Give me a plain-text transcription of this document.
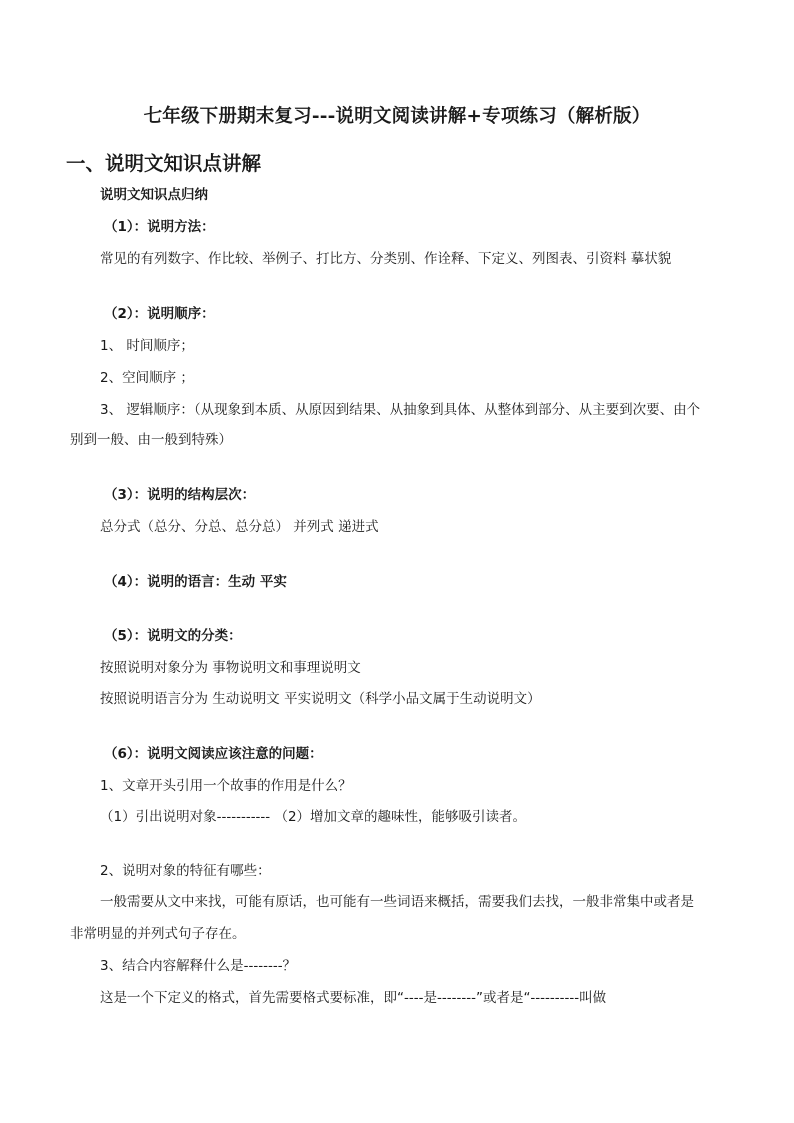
七年级下册期末复习---说明文阅读讲解+专项练习（解析版）
一、说明文知识点讲解
说明文知识点归纳
（1）：说明方法：
常见的有列数字、作比较、举例子、打比方、分类别、作诠释、下定义、列图表、引资料 摹状貌
（2）：说明顺序：
1、 时间顺序；
2、空间顺序 ；
3、 逻辑顺序：（从现象到本质、从原因到结果、从抽象到具体、从整体到部分、从主要到次要、由个
别到一般、由一般到特殊）
（3）：说明的结构层次：
总分式（总分、分总、总分总） 并列式 递进式
（4）：说明的语言：生动 平实
（5）：说明文的分类：
按照说明对象分为 事物说明文和事理说明文
按照说明语言分为 生动说明文 平实说明文（科学小品文属于生动说明文）
（6）：说明文阅读应该注意的问题：
1、文章开头引用一个故事的作用是什么？
（1）引出说明对象----------- （2）增加文章的趣味性，能够吸引读者。
2、说明对象的特征有哪些：
一般需要从文中来找，可能有原话，也可能有一些词语来概括，需要我们去找，一般非常集中或者是
非常明显的并列式句子存在。
3、结合内容解释什么是--------？
这是一个下定义的格式，首先需要格式要标准，即“----是--------”或者是“----------叫做
